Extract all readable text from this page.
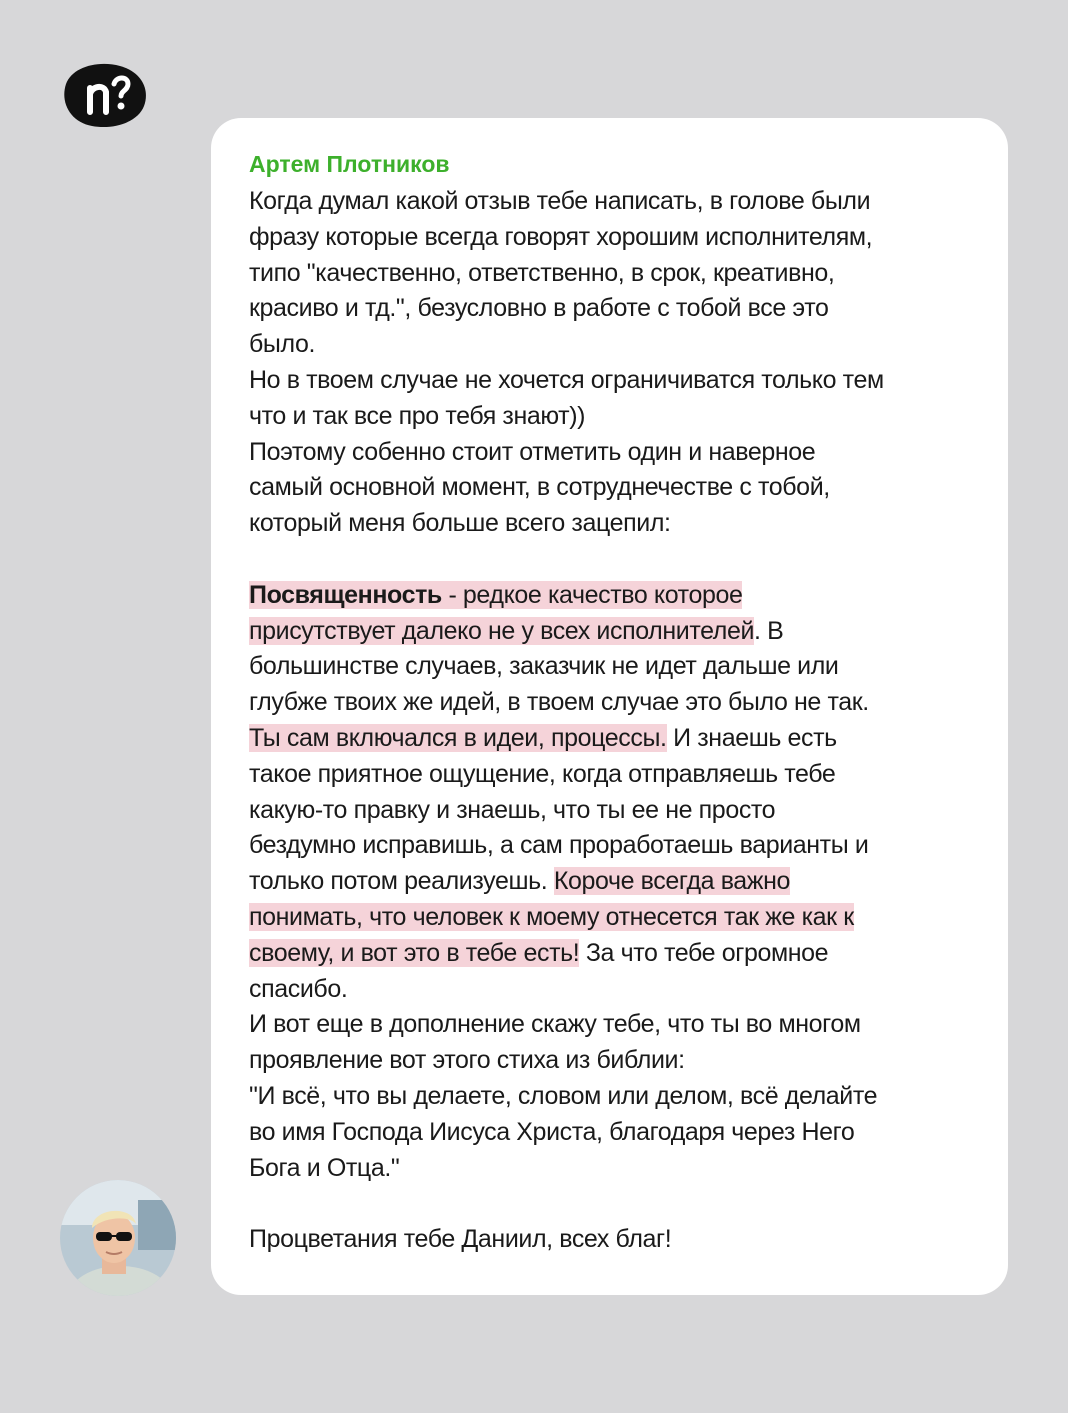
Артем Плотников
Когда думал какой отзыв тебе написать, в голове были
фразу которые всегда говорят хорошим исполнителям,
типо "качественно, ответственно, в срок, креативно,
красиво и тд.", безусловно в работе с тобой все это
было.
Но в твоем случае не хочется ограничиватся только тем
что и так все про тебя знают))
Поэтому собенно стоит отметить один и наверное
самый основной момент, в сотруднечестве с тобой,
который меня больше всего зацепил:
Посвященность - редкое качество которое
присутствует далеко не у всех исполнителей. В
большинстве случаев, заказчик не идет дальше или
глубже твоих же идей, в твоем случае это было не так.
Ты сам включался в идеи, процессы. И знаешь есть
такое приятное ощущение, когда отправляешь тебе
какую-то правку и знаешь, что ты ее не просто
бездумно исправишь, а сам проработаешь варианты и
только потом реализуешь. Короче всегда важно
понимать, что человек к моему отнесется так же как к
своему, и вот это в тебе есть! За что тебе огромное
спасибо.
И вот еще в дополнение скажу тебе, что ты во многом
проявление вот этого стиха из библии:
"И всё, что вы делаете, словом или делом, всё делайте
во имя Господа Иисуса Христа, благодаря через Него
Бога и Отца."
Процветания тебе Даниил, всех благ!
